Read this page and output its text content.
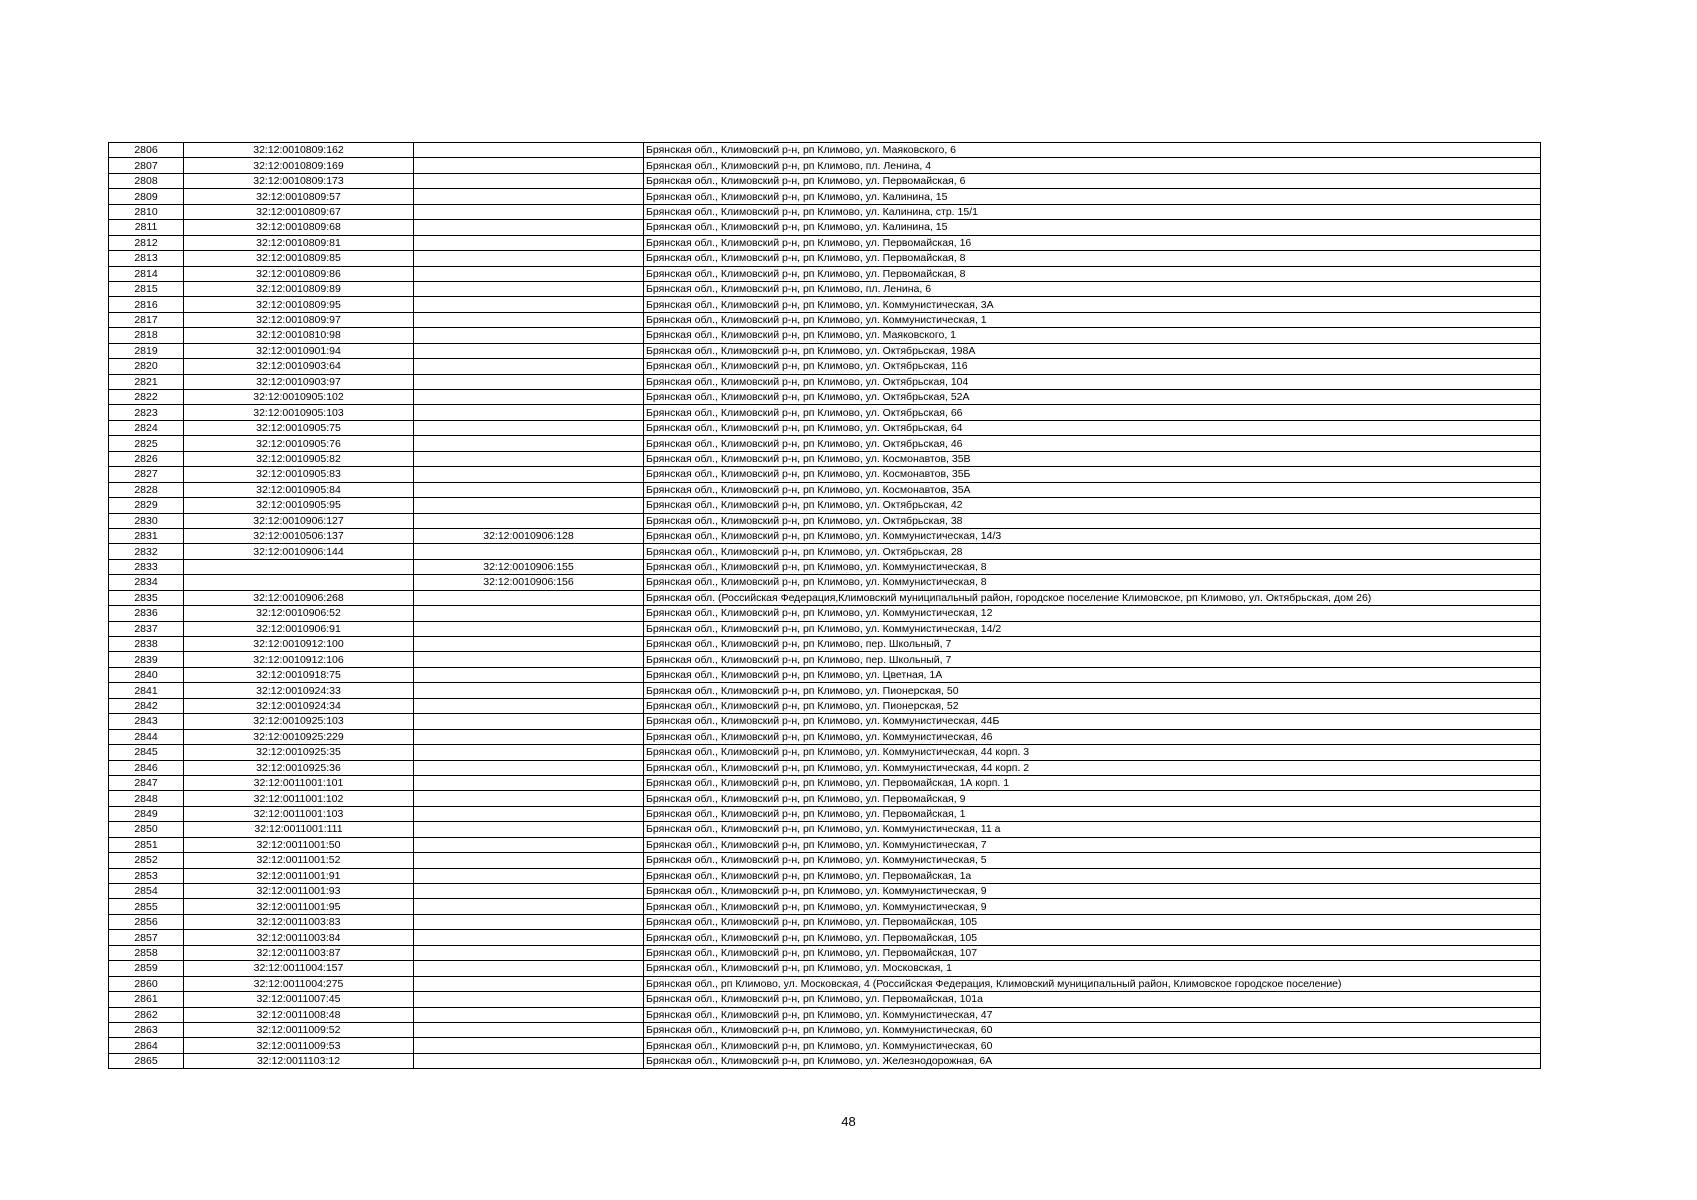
2806	32:12:0010809:162		Брянская обл., Климовский р-н, рп Климово, ул. Маяковского, 6
2807	32:12:0010809:169		Брянская обл., Климовский р-н, рп Климово, пл. Ленина, 4
2808	32:12:0010809:173		Брянская обл., Климовский р-н, рп Климово, ул. Первомайская, 6
2809	32:12:0010809:57		Брянская обл., Климовский р-н, рп Климово, ул. Калинина, 15
2810	32:12:0010809:67		Брянская обл., Климовский р-н, рп Климово, ул. Калинина, стр. 15/1
2811	32:12:0010809:68		Брянская обл., Климовский р-н, рп Климово, ул. Калинина, 15
2812	32:12:0010809:81		Брянская обл., Климовский р-н, рп Климово, ул. Первомайская, 16
2813	32:12:0010809:85		Брянская обл., Климовский р-н, рп Климово, ул. Первомайская, 8
2814	32:12:0010809:86		Брянская обл., Климовский р-н, рп Климово, ул. Первомайская, 8
2815	32:12:0010809:89		Брянская обл., Климовский р-н, рп Климово, пл. Ленина, 6
2816	32:12:0010809:95		Брянская обл., Климовский р-н, рп Климово, ул. Коммунистическая, 3А
2817	32:12:0010809:97		Брянская обл., Климовский р-н, рп Климово, ул. Коммунистическая, 1
2818	32:12:0010810:98		Брянская обл., Климовский р-н, рп Климово, ул. Маяковского, 1
2819	32:12:0010901:94		Брянская обл., Климовский р-н, рп Климово, ул. Октябрьская, 198А
2820	32:12:0010903:64		Брянская обл., Климовский р-н, рп Климово, ул. Октябрьская, 116
2821	32:12:0010903:97		Брянская обл., Климовский р-н, рп Климово, ул. Октябрьская, 104
2822	32:12:0010905:102		Брянская обл., Климовский р-н, рп Климово, ул. Октябрьская, 52А
2823	32:12:0010905:103		Брянская обл., Климовский р-н, рп Климово, ул. Октябрьская, 66
2824	32:12:0010905:75		Брянская обл., Климовский р-н, рп Климово, ул. Октябрьская, 64
2825	32:12:0010905:76		Брянская обл., Климовский р-н, рп Климово, ул. Октябрьская, 46
2826	32:12:0010905:82		Брянская обл., Климовский р-н, рп Климово, ул. Космонавтов, 35В
2827	32:12:0010905:83		Брянская обл., Климовский р-н, рп Климово, ул. Космонавтов, 35Б
2828	32:12:0010905:84		Брянская обл., Климовский р-н, рп Климово, ул. Космонавтов, 35А
2829	32:12:0010905:95		Брянская обл., Климовский р-н, рп Климово, ул. Октябрьская, 42
2830	32:12:0010906:127		Брянская обл., Климовский р-н, рп Климово, ул. Октябрьская, 38
2831	32:12:0010506:137	32:12:0010906:128	Брянская обл., Климовский р-н, рп Климово, ул. Коммунистическая, 14/3
2832	32:12:0010906:144		Брянская обл., Климовский р-н, рп Климово, ул. Октябрьская, 28
2833		32:12:0010906:155	Брянская обл., Климовский р-н, рп Климово, ул. Коммунистическая, 8
2834		32:12:0010906:156	Брянская обл., Климовский р-н, рп Климово, ул. Коммунистическая, 8
2835	32:12:0010906:268		Брянская обл. (Российская Федерация,Климовский муниципальный район, городское поселение Климовское, рп Климово, ул. Октябрьская, дом 26)
2836	32:12:0010906:52		Брянская обл., Климовский р-н, рп Климово, ул. Коммунистическая, 12
2837	32:12:0010906:91		Брянская обл., Климовский р-н, рп Климово, ул. Коммунистическая, 14/2
2838	32:12:0010912:100		Брянская обл., Климовский р-н, рп Климово, пер. Школьный, 7
2839	32:12:0010912:106		Брянская обл., Климовский р-н, рп Климово, пер. Школьный, 7
2840	32:12:0010918:75		Брянская обл., Климовский р-н, рп Климово, ул. Цветная, 1А
2841	32:12:0010924:33		Брянская обл., Климовский р-н, рп Климово, ул. Пионерская, 50
2842	32:12:0010924:34		Брянская обл., Климовский р-н, рп Климово, ул. Пионерская, 52
2843	32:12:0010925:103		Брянская обл., Климовский р-н, рп Климово, ул. Коммунистическая, 44Б
2844	32:12:0010925:229		Брянская обл., Климовский р-н, рп Климово, ул. Коммунистическая, 46
2845	32:12:0010925:35		Брянская обл., Климовский р-н, рп Климово, ул. Коммунистическая, 44 корп. 3
2846	32:12:0010925:36		Брянская обл., Климовский р-н, рп Климово, ул. Коммунистическая, 44 корп. 2
2847	32:12:0011001:101		Брянская обл., Климовский р-н, рп Климово, ул. Первомайская, 1А корп. 1
2848	32:12:0011001:102		Брянская обл., Климовский р-н, рп Климово, ул. Первомайская, 9
2849	32:12:0011001:103		Брянская обл., Климовский р-н, рп Климово, ул. Первомайская, 1
2850	32:12:0011001:111		Брянская обл., Климовский р-н, рп Климово, ул. Коммунистическая, 11 а
2851	32:12:0011001:50		Брянская обл., Климовский р-н, рп Климово, ул. Коммунистическая, 7
2852	32:12:0011001:52		Брянская обл., Климовский р-н, рп Климово, ул. Коммунистическая, 5
2853	32:12:0011001:91		Брянская обл., Климовский р-н, рп Климово, ул. Первомайская, 1а
2854	32:12:0011001:93		Брянская обл., Климовский р-н, рп Климово, ул. Коммунистическая, 9
2855	32:12:0011001:95		Брянская обл., Климовский р-н, рп Климово, ул. Коммунистическая, 9
2856	32:12:0011003:83		Брянская обл., Климовский р-н, рп Климово, ул. Первомайская, 105
2857	32:12:0011003:84		Брянская обл., Климовский р-н, рп Климово, ул. Первомайская, 105
2858	32:12:0011003:87		Брянская обл., Климовский р-н, рп Климово, ул. Первомайская, 107
2859	32:12:0011004:157		Брянская обл., Климовский р-н, рп Климово, ул. Московская, 1
2860	32:12:0011004:275		Брянская обл., рп Климово, ул. Московская, 4 (Российская Федерация, Климовский муниципальный район, Климовское городское поселение)
2861	32:12:0011007:45		Брянская обл., Климовский р-н, рп Климово, ул. Первомайская, 101а
2862	32:12:0011008:48		Брянская обл., Климовский р-н, рп Климово, ул. Коммунистическая, 47
2863	32:12:0011009:52		Брянская обл., Климовский р-н, рп Климово, ул. Коммунистическая, 60
2864	32:12:0011009:53		Брянская обл., Климовский р-н, рп Климово, ул. Коммунистическая, 60
2865	32:12:0011103:12		Брянская обл., Климовский р-н, рп Климово, ул. Железнодорожная, 6А
48
